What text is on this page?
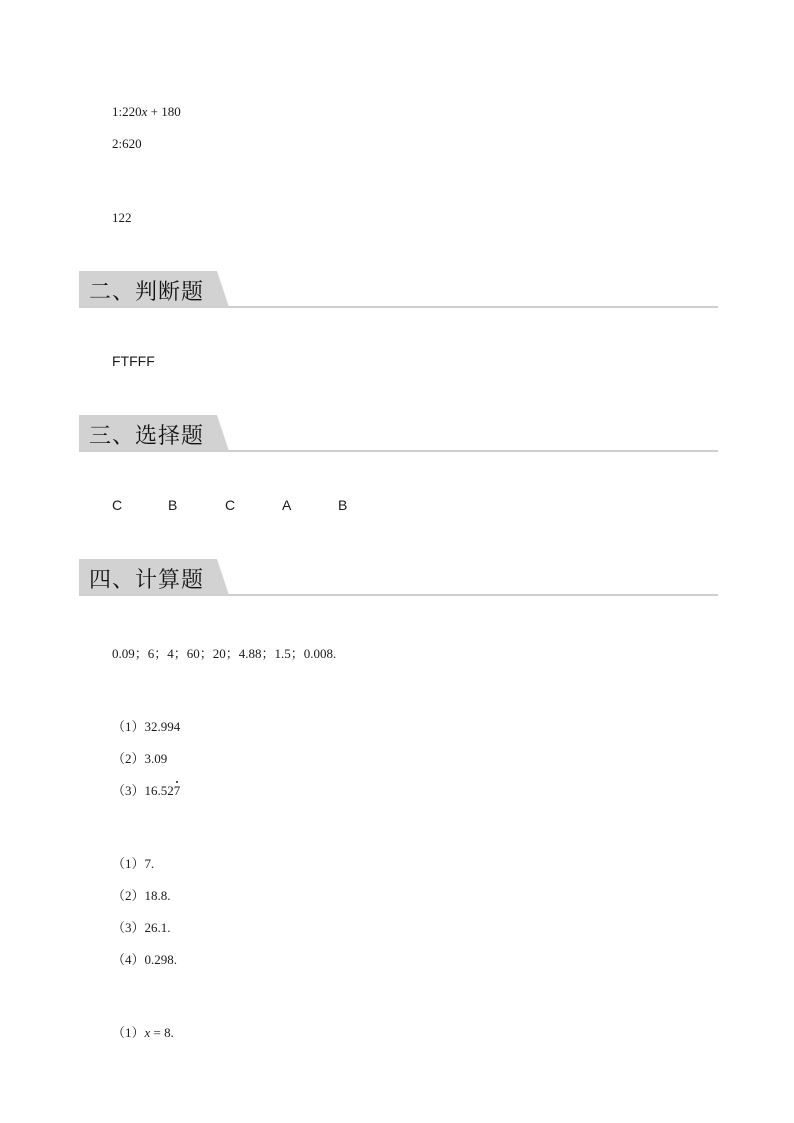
1:220x + 180
2:620
122
二、判断题
FTFFF
三、选择题
C	B	C	A	B
四、计算题
0.09；6；4；60；20；4.88；1.5；0.008.
（1）32.994
（2）3.09
（3）16.527
（1）7.
（2）18.8.
（3）26.1.
（4）0.298.
（1）x = 8.
